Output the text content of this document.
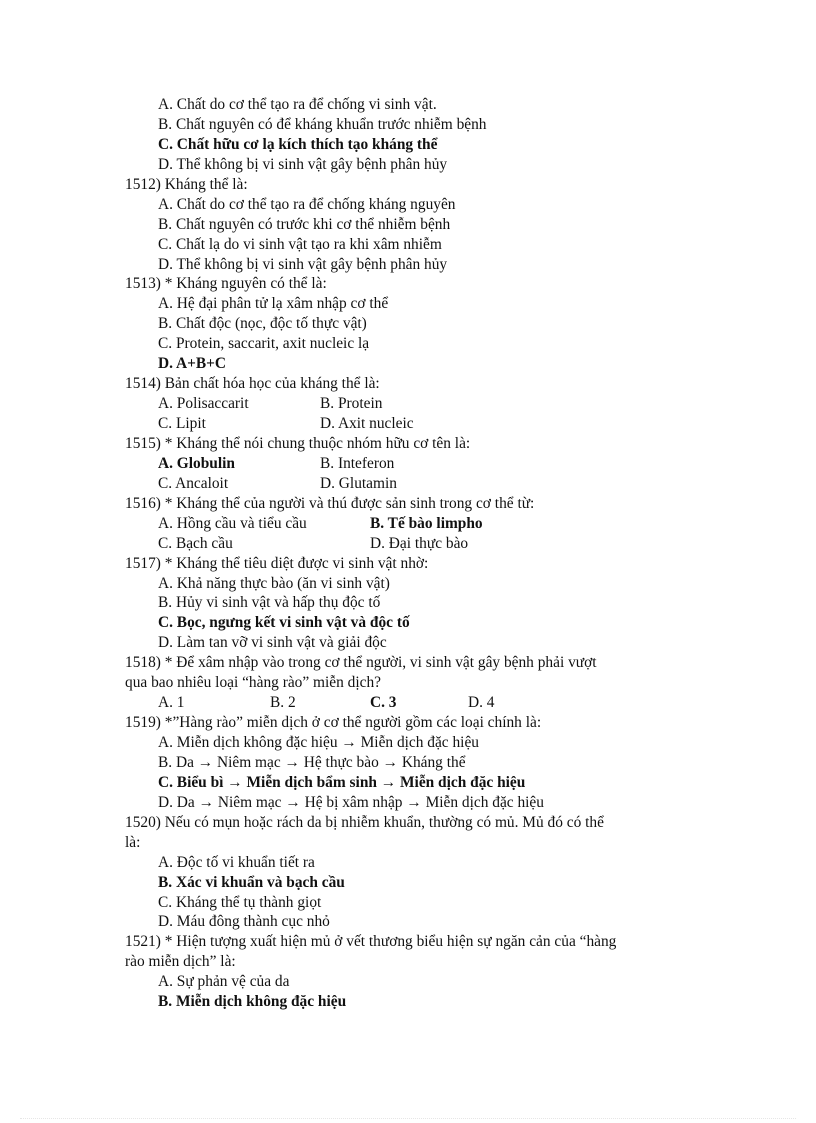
A. Chất do cơ thể tạo ra để chống vi sinh vật.
B. Chất nguyên có để kháng khuẩn trước nhiễm bệnh
C. Chất hữu cơ lạ kích thích tạo kháng thể
D. Thể không bị vi sinh vật gây bệnh phân hủy
1512) Kháng thể là:
A. Chất do cơ thể tạo ra để chống kháng nguyên
B. Chất nguyên có trước khi cơ thể nhiễm bệnh
C. Chất lạ do vi sinh vật tạo ra khi xâm nhiễm
D. Thể không bị vi sinh vật gây bệnh phân hủy
1513) * Kháng nguyên có thể là:
A. Hệ đại phân tử lạ xâm nhập cơ thể
B. Chất độc (nọc, độc tố thực vật)
C. Protein, saccarit, axit nucleic lạ
D. A+B+C
1514) Bản chất hóa học của kháng thể là:
A. Polisaccarit	B. Protein
C. Lipit	D. Axit nucleic
1515) * Kháng thể nói chung thuộc nhóm hữu cơ tên là:
A. Globulin	B. Inteferon
C. Ancaloit	D. Glutamin
1516) * Kháng thể của người và thú được sản sinh trong cơ thể từ:
A. Hồng cầu và tiểu cầu	B. Tế bào limpho
C. Bạch cầu	D. Đại thực bào
1517) * Kháng thể tiêu diệt được vi sinh vật nhờ:
A. Khả năng thực bào (ăn vi sinh vật)
B. Hủy vi sinh vật và hấp thụ độc tố
C. Bọc, ngưng kết vi sinh vật và độc tố
D. Làm tan vỡ vi sinh vật và giải độc
1518) * Để xâm nhập vào trong cơ thể người, vi sinh vật gây bệnh phải vượt
qua bao nhiêu loại “hàng rào” miễn dịch?
A. 1	B. 2	C. 3	D. 4
1519) *”Hàng rào” miễn dịch ở cơ thể người gồm các loại chính là:
A. Miễn dịch không đặc hiệu → Miễn dịch đặc hiệu
B. Da → Niêm mạc → Hệ thực bào → Kháng thể
C. Biểu bì → Miễn dịch bẩm sinh → Miễn dịch đặc hiệu
D. Da → Niêm mạc → Hệ bị xâm nhập → Miễn dịch đặc hiệu
1520) Nếu có mụn hoặc rách da bị nhiễm khuẩn, thường có mủ. Mủ đó có thể
là:
A. Độc tố vi khuẩn tiết ra
B. Xác vi khuẩn và bạch cầu
C. Kháng thể tụ thành giọt
D. Máu đông thành cục nhỏ
1521) * Hiện tượng xuất hiện mủ ở vết thương biểu hiện sự ngăn cản của “hàng
rào miễn dịch” là:
A. Sự phản vệ của da
B. Miễn dịch không đặc hiệu
